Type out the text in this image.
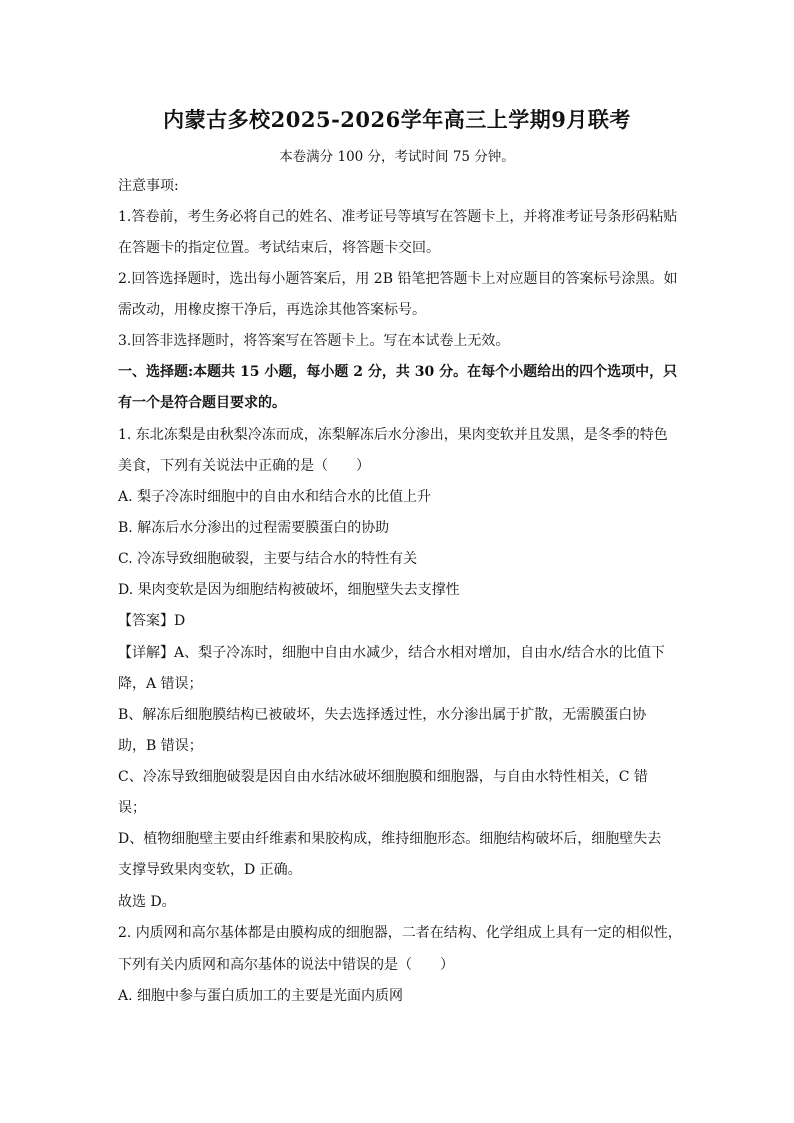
内蒙古多校2025-2026学年高三上学期9月联考
本卷满分 100 分，考试时间 75 分钟。
注意事项:
1.答卷前，考生务必将自己的姓名、准考证号等填写在答题卡上，并将准考证号条形码粘贴
在答题卡的指定位置。考试结束后，将答题卡交回。
2.回答选择题时，选出每小题答案后，用 2B 铅笔把答题卡上对应题目的答案标号涂黑。如
需改动，用橡皮擦干净后，再选涂其他答案标号。
3.回答非选择题时，将答案写在答题卡上。写在本试卷上无效。
一、选择题:本题共 15 小题，每小题 2 分，共 30 分。在每个小题给出的四个选项中，只
有一个是符合题目要求的。
1. 东北冻梨是由秋梨冷冻而成，冻梨解冻后水分渗出，果肉变软并且发黑，是冬季的特色
美食，下列有关说法中正确的是（　　）
A. 梨子冷冻时细胞中的自由水和结合水的比值上升
B. 解冻后水分渗出的过程需要膜蛋白的协助
C. 冷冻导致细胞破裂，主要与结合水的特性有关
D. 果肉变软是因为细胞结构被破坏，细胞壁失去支撑性
【答案】D
【详解】A、梨子冷冻时，细胞中自由水减少，结合水相对增加，自由水/结合水的比值下
降，A 错误；
B、解冻后细胞膜结构已被破坏，失去选择透过性，水分渗出属于扩散，无需膜蛋白协
助，B 错误；
C、冷冻导致细胞破裂是因自由水结冰破坏细胞膜和细胞器，与自由水特性相关，C 错
误；
D、植物细胞壁主要由纤维素和果胶构成，维持细胞形态。细胞结构破坏后，细胞壁失去
支撑导致果肉变软，D 正确。
故选 D。
2. 内质网和高尔基体都是由膜构成的细胞器，二者在结构、化学组成上具有一定的相似性，
下列有关内质网和高尔基体的说法中错误的是（　　）
A. 细胞中参与蛋白质加工的主要是光面内质网
